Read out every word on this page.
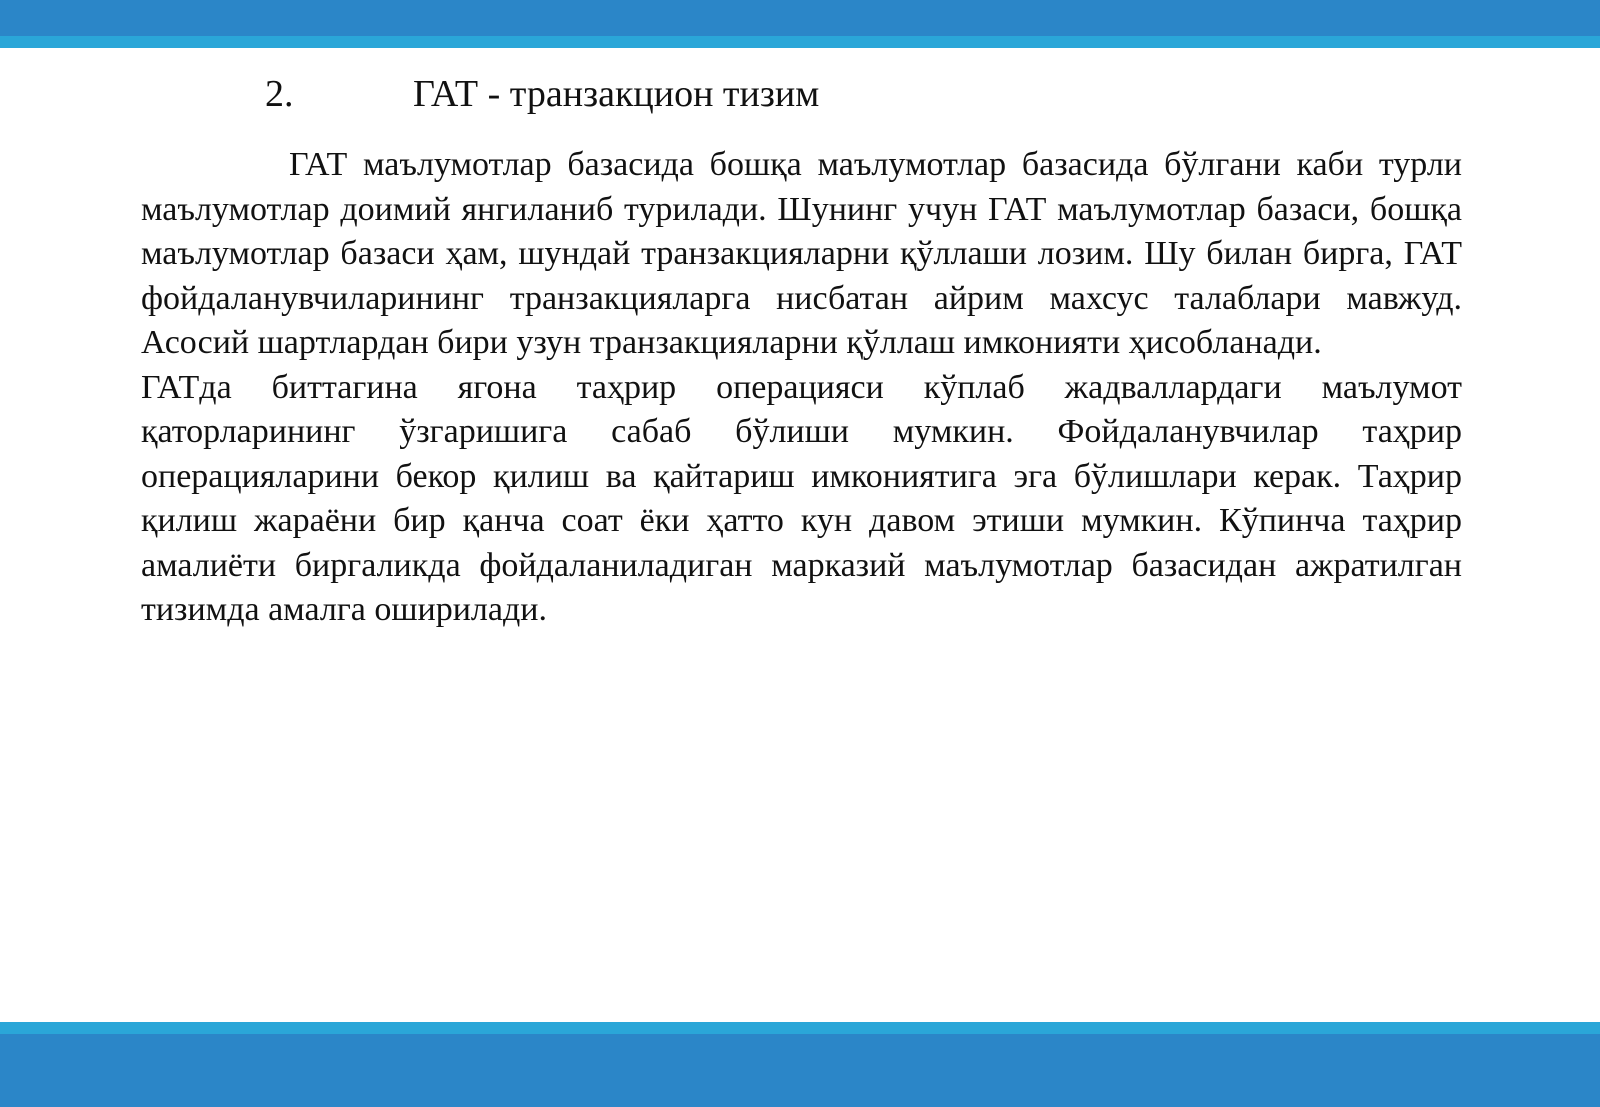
2.	ГАТ - транзакцион тизим

ГАТ маълумотлар базасида бошқа маълумотлар базасида бўлгани каби турли маълумотлар доимий янгиланиб турилади. Шунинг учун ГАТ маълумотлар базаси, бошқа маълумотлар базаси ҳам, шундай транзакцияларни қўллаши лозим. Шу билан бирга, ГАТ фойдаланувчиларининг транзакцияларга нисбатан айрим махсус талаблари мавжуд. Асосий шартлардан бири узун транзакцияларни қўллаш имконияти ҳисобланади.

ГАТда биттагина ягона таҳрир операцияси кўплаб жадваллардаги маълумот қаторларининг ўзгаришига сабаб бўлиши мумкин. Фойдаланувчилар таҳрир операцияларини бекор қилиш ва қайтариш имкониятига эга бўлишлари керак. Таҳрир қилиш жараёни бир қанча соат ёки ҳатто кун давом этиши мумкин. Кўпинча таҳрир амалиёти биргаликда фойдаланиладиган марказий маълумотлар базасидан ажратилган тизимда амалга оширилади.
